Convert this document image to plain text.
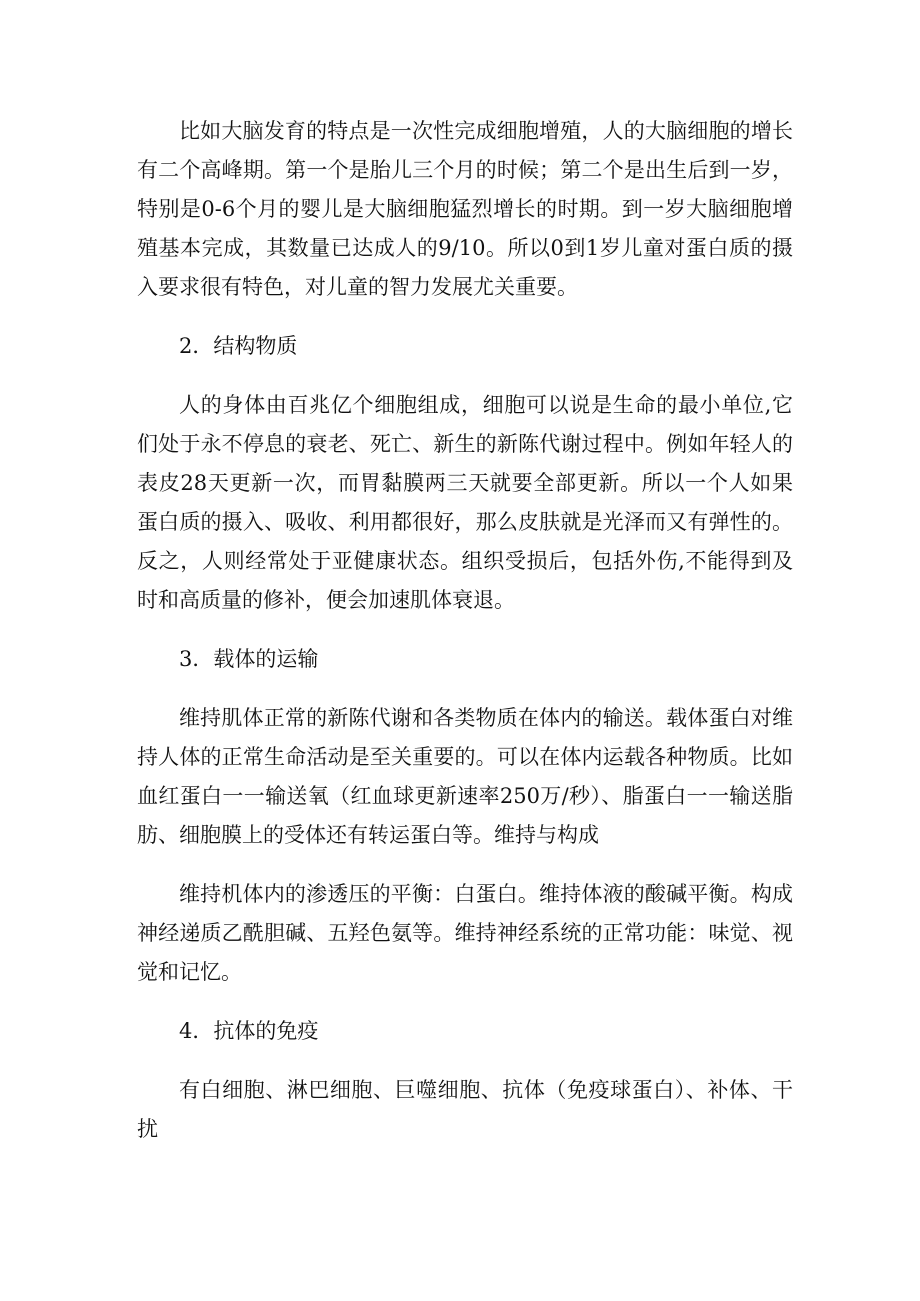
比如大脑发育的特点是一次性完成细胞增殖，人的大脑细胞的增长有二个高峰期。第一个是胎儿三个月的时候；第二个是出生后到一岁，特别是0-6个月的婴儿是大脑细胞猛烈增长的时期。到一岁大脑细胞增殖基本完成，其数量已达成人的9/10。所以0到1岁儿童对蛋白质的摄入要求很有特色，对儿童的智力发展尤关重要。

2．结构物质

人的身体由百兆亿个细胞组成，细胞可以说是生命的最小单位,它们处于永不停息的衰老、死亡、新生的新陈代谢过程中。例如年轻人的表皮28天更新一次，而胃黏膜两三天就要全部更新。所以一个人如果蛋白质的摄入、吸收、利用都很好，那么皮肤就是光泽而又有弹性的。反之，人则经常处于亚健康状态。组织受损后，包括外伤,不能得到及时和高质量的修补，便会加速肌体衰退。

3．载体的运输

维持肌体正常的新陈代谢和各类物质在体内的输送。载体蛋白对维持人体的正常生命活动是至关重要的。可以在体内运载各种物质。比如血红蛋白一一输送氧（红血球更新速率250万/秒）、脂蛋白一一输送脂肪、细胞膜上的受体还有转运蛋白等。维持与构成

维持机体内的渗透压的平衡：白蛋白。维持体液的酸碱平衡。构成神经递质乙酰胆碱、五羟色氨等。维持神经系统的正常功能：味觉、视觉和记忆。

4．抗体的免疫

有白细胞、淋巴细胞、巨噬细胞、抗体（免疫球蛋白）、补体、干扰
